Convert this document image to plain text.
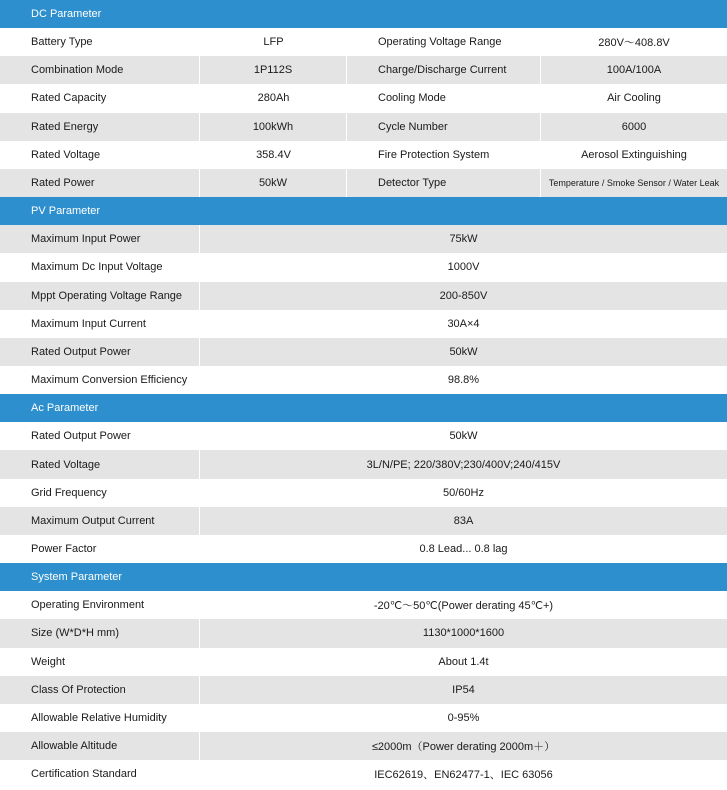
DC Parameter
Battery Type	LFP	Operating Voltage Range	280V～408.8V
Combination Mode	1P112S	Charge/Discharge Current	100A/100A
Rated Capacity	280Ah	Cooling Mode	Air Cooling
Rated Energy	100kWh	Cycle Number	6000
Rated Voltage	358.4V	Fire Protection System	Aerosol Extinguishing
Rated Power	50kW	Detector Type	Temperature / Smoke Sensor / Water Leak
PV Parameter
Maximum Input Power	75kW
Maximum Dc Input Voltage	1000V
Mppt Operating Voltage Range	200-850V
Maximum Input Current	30A×4
Rated Output Power	50kW
Maximum Conversion Efficiency	98.8%
Ac Parameter
Rated Output Power	50kW
Rated Voltage	3L/N/PE; 220/380V;230/400V;240/415V
Grid Frequency	50/60Hz
Maximum Output Current	83A
Power Factor	0.8 Lead... 0.8 lag
System Parameter
Operating Environment	-20℃～50℃(Power derating 45℃+)
Size (W*D*H mm)	1130*1000*1600
Weight	About 1.4t
Class Of Protection	IP54
Allowable Relative Humidity	0-95%
Allowable Altitude	≤2000m（Power derating 2000m＋）
Certification Standard	IEC62619、EN62477-1、IEC 63056
